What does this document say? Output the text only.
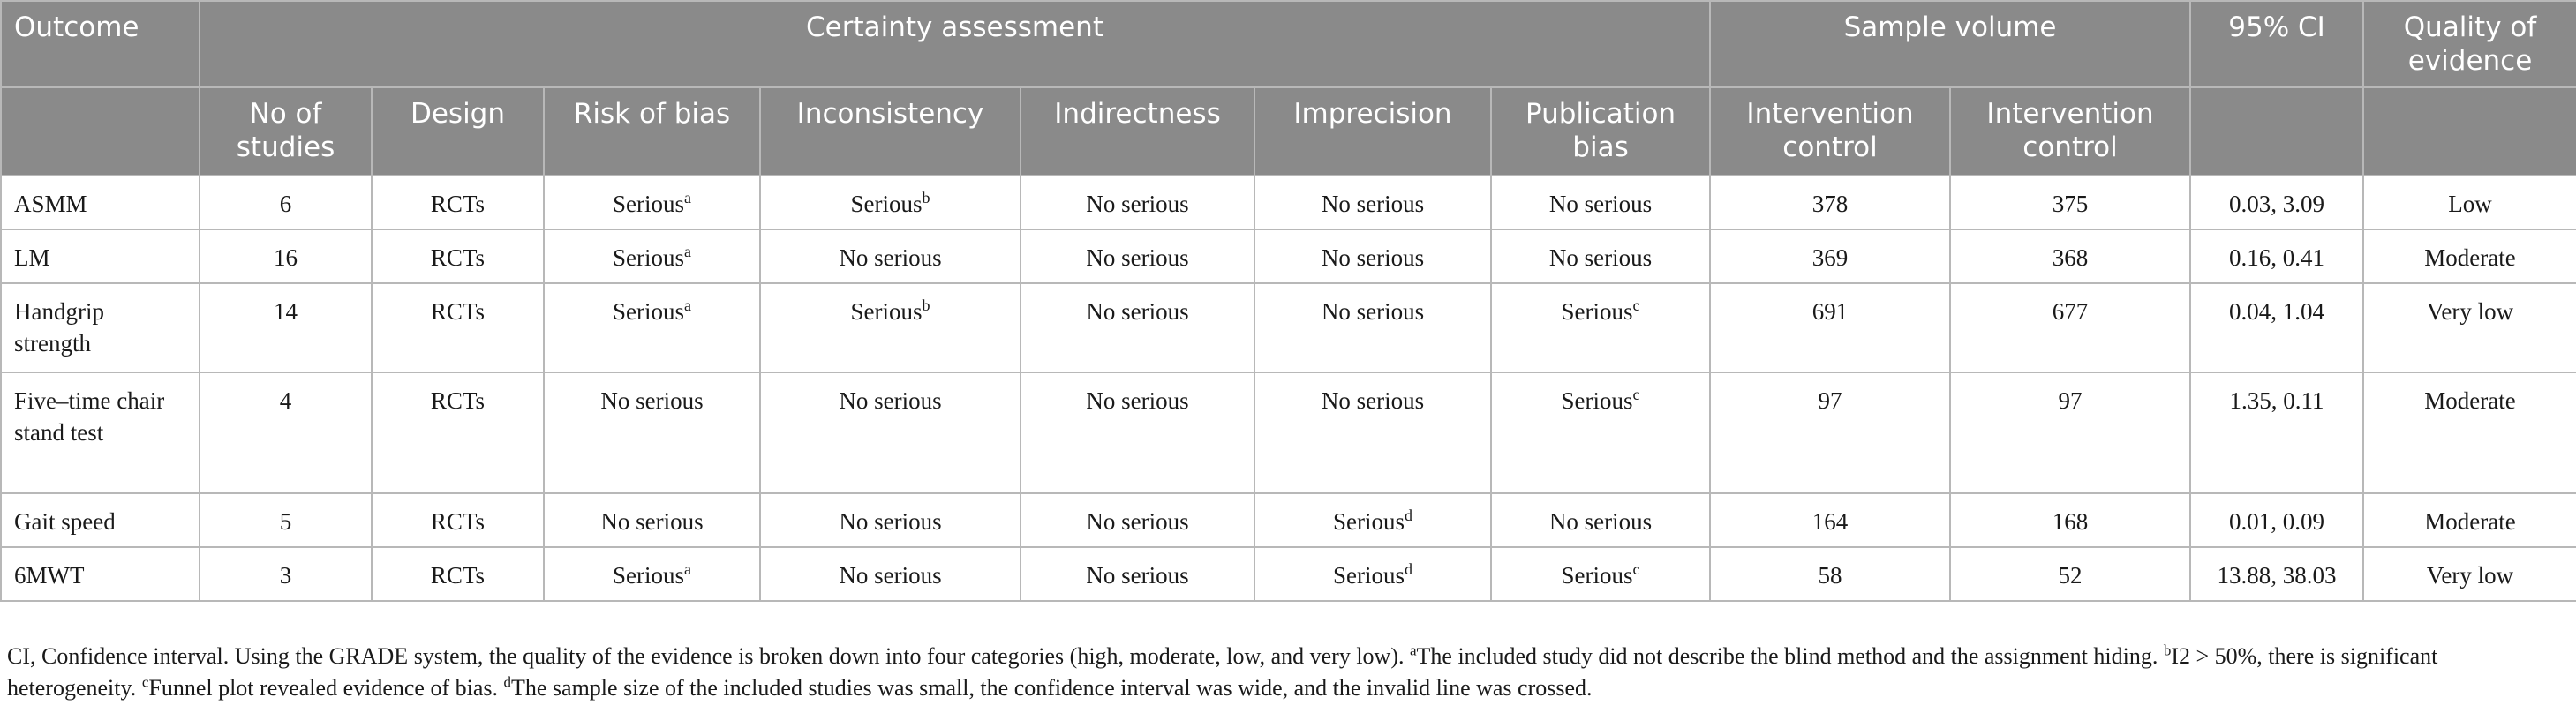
Outcome	Certainty assessment							Sample volume		95% CI	Quality of evidence
	No of studies	Design	Risk of bias	Inconsistency	Indirectness	Imprecision	Publication bias	Intervention control	Intervention control		
ASMM	6	RCTs	Serious$^a$	Serious$^b$	No serious	No serious	No serious	378	375	0.03, 3.09	Low
LM	16	RCTs	Serious$^a$	No serious	No serious	No serious	No serious	369	368	0.16, 0.41	Moderate
Handgrip strength	14	RCTs	Serious$^a$	Serious$^b$	No serious	No serious	Serious$^c$	691	677	0.04, 1.04	Very low
Five–time chair stand test	4	RCTs	No serious	No serious	No serious	No serious	Serious$^c$	97	97	1.35, 0.11	Moderate
Gait speed	5	RCTs	No serious	No serious	No serious	Serious$^d$	No serious	164	168	0.01, 0.09	Moderate
6MWT	3	RCTs	Serious$^a$	No serious	No serious	Serious$^d$	Serious$^c$	58	52	13.88, 38.03	Very low
CI, Confidence interval. Using the GRADE system, the quality of the evidence is broken down into four categories (high, moderate, low, and very low). $^a$The included study did not describe the blind method and the assignment hiding. $^b$I2 > 50%, there is significant heterogeneity. $^c$Funnel plot revealed evidence of bias. $^d$The sample size of the included studies was small, the confidence interval was wide, and the invalid line was crossed.
